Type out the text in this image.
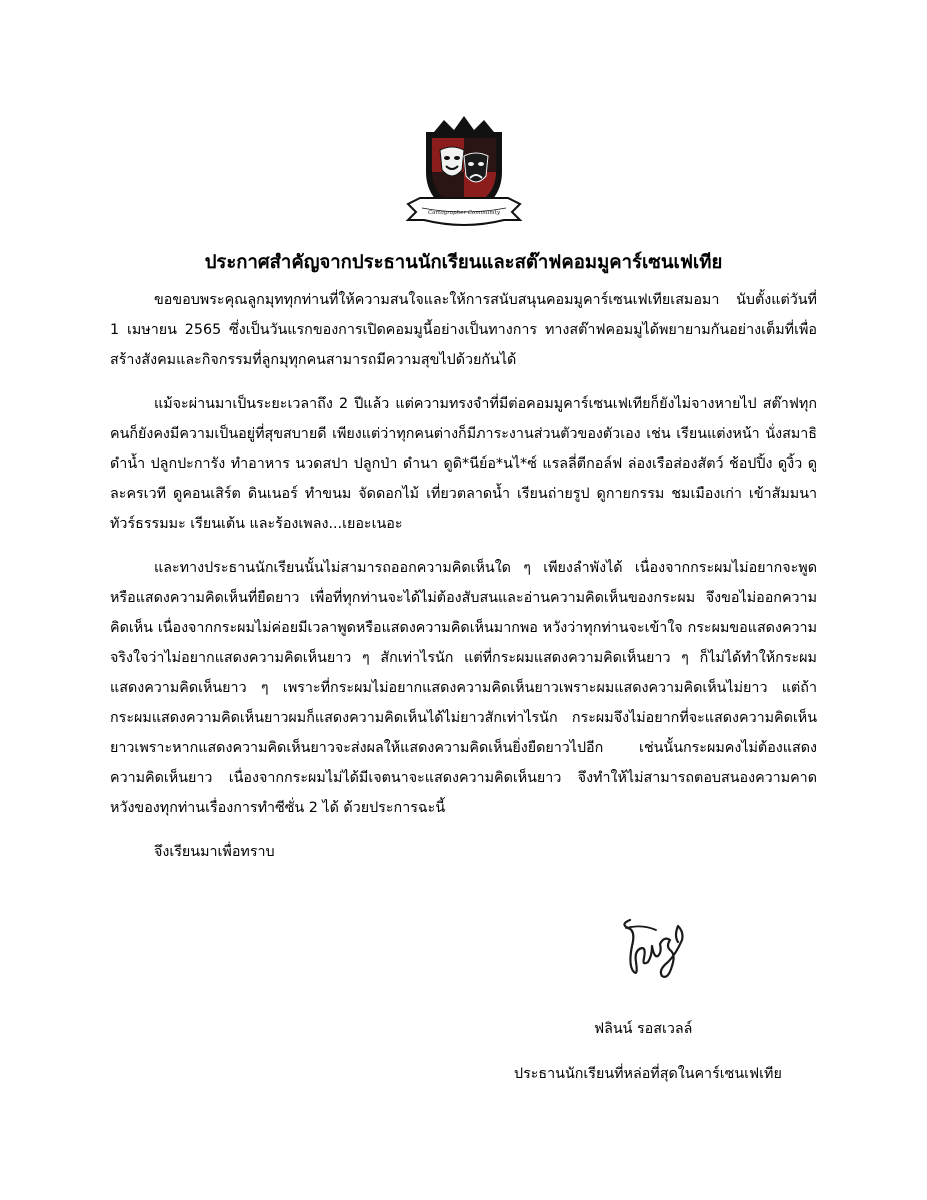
Cartographer Community
ประกาศสำคัญจากประธานนักเรียนและสต๊าฟคอมมูคาร์เซนเฟเทีย

ขอขอบพระคุณลูกมุททุกท่านที่ให้ความสนใจและให้การสนับสนุนคอมมูคาร์เซนเฟเทียเสมอมา นับตั้งแต่วันที่ 1 เมษายน 2565 ซึ่งเป็นวันแรกของการเปิดคอมมูนี้อย่างเป็นทางการ ทางสต๊าฟคอมมูได้พยายามกันอย่างเต็มที่เพื่อสร้างสังคมและกิจกรรมที่ลูกมุทุกคนสามารถมีความสุขไปด้วยกันได้

แม้จะผ่านมาเป็นระยะเวลาถึง 2 ปีแล้ว แต่ความทรงจำที่มีต่อคอมมูคาร์เซนเฟเทียก็ยังไม่จางหายไป สต๊าฟทุกคนก็ยังคงมีความเป็นอยู่ที่สุขสบายดี เพียงแต่ว่าทุกคนต่างก็มีภาระงานส่วนตัวของตัวเอง เช่น เรียนแต่งหน้า นั่งสมาธิ ดำน้ำ ปลูกปะการัง ทำอาหาร นวดสปา ปลูกป่า ดำนา ดูดิ*นีย์อ*นไ*ซ์ แรลลี่ตีกอล์ฟ ล่องเรือส่องสัตว์ ช้อปปิ้ง ดูงิ้ว ดูละครเวที ดูคอนเสิร์ต ดินเนอร์ ทำขนม จัดดอกไม้ เที่ยวตลาดน้ำ เรียนถ่ายรูป ดูกายกรรม ชมเมืองเก่า เข้าสัมมนา ทัวร์ธรรมมะ เรียนเต้น และร้องเพลง...เยอะเนอะ

และทางประธานนักเรียนนั้นไม่สามารถออกความคิดเห็นใด ๆ เพียงลำพังได้ เนื่องจากกระผมไม่อยากจะพูดหรือแสดงความคิดเห็นที่ยืดยาว เพื่อที่ทุกท่านจะได้ไม่ต้องสับสนและอ่านความคิดเห็นของกระผม จึงขอไม่ออกความคิดเห็น เนื่องจากกระผมไม่ค่อยมีเวลาพูดหรือแสดงความคิดเห็นมากพอ หวังว่าทุกท่านจะเข้าใจ กระผมขอแสดงความจริงใจว่าไม่อยากแสดงความคิดเห็นยาว ๆ สักเท่าไรนัก แต่ที่กระผมแสดงความคิดเห็นยาว ๆ ก็ไม่ได้ทำให้กระผมแสดงความคิดเห็นยาว ๆ เพราะที่กระผมไม่อยากแสดงความคิดเห็นยาวเพราะผมแสดงความคิดเห็นไม่ยาว แต่ถ้ากระผมแสดงความคิดเห็นยาวผมก็แสดงความคิดเห็นได้ไม่ยาวสักเท่าไรนัก กระผมจึงไม่อยากที่จะแสดงความคิดเห็นยาวเพราะหากแสดงความคิดเห็นยาวจะส่งผลให้แสดงความคิดเห็นยิ่งยืดยาวไปอีก เช่นนั้นกระผมคงไม่ต้องแสดงความคิดเห็นยาว เนื่องจากกระผมไม่ได้มีเจตนาจะแสดงความคิดเห็นยาว จึงทำให้ไม่สามารถตอบสนองความคาดหวังของทุกท่านเรื่องการทำซีซั่น 2 ได้ ด้วยประการฉะนี้

จึงเรียนมาเพื่อทราบ

ฟลินน์ รอสเวลล์
ประธานนักเรียนที่หล่อที่สุดในคาร์เซนเฟเทีย
